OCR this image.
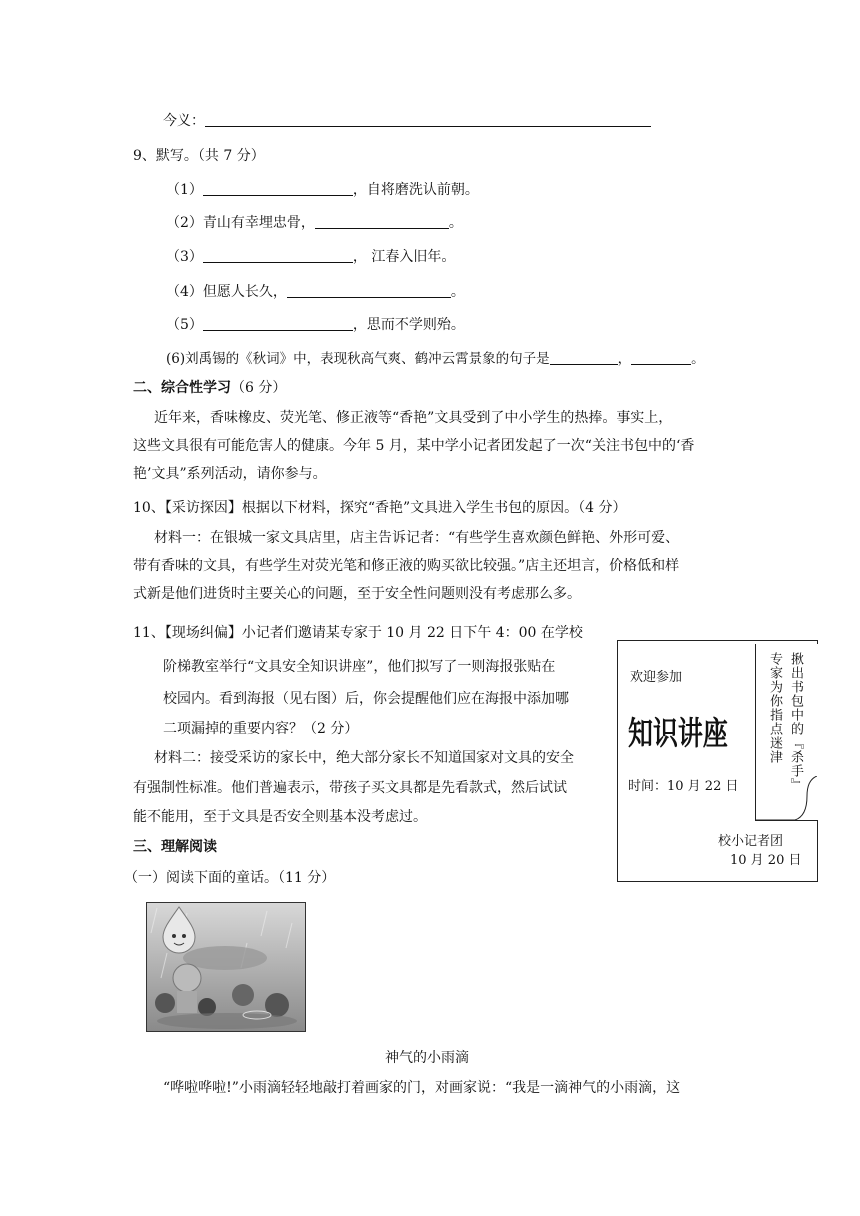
今义：
9、默写。（共 7 分）
（1）	，自将磨洗认前朝。
（2）青山有幸埋忠骨，	。
（3）	， 江春入旧年。
（4）但愿人长久，	。
（5）	，思而不学则殆。
(6)刘禹锡的《秋词》中，表现秋高气爽、鹤冲云霄景象的句子是	，	。
二、综合性学习（6 分）
近年来，香味橡皮、荧光笔、修正液等“香艳”文具受到了中小学生的热捧。事实上，
这些文具很有可能危害人的健康。今年 5 月，某中学小记者团发起了一次“关注书包中的‘香
艳’文具”系列活动，请你参与。
10、【采访探因】根据以下材料，探究“香艳”文具进入学生书包的原因。（4 分）
材料一：在银城一家文具店里，店主告诉记者：“有些学生喜欢颜色鲜艳、外形可爱、
带有香味的文具，有些学生对荧光笔和修正液的购买欲比较强。”店主还坦言，价格低和样
式新是他们进货时主要关心的问题，至于安全性问题则没有考虑那么多。
11、【现场纠偏】小记者们邀请某专家于 10 月 22 日下午 4：00 在学校
阶梯教室举行“文具安全知识讲座”，他们拟写了一则海报张贴在
校园内。看到海报（见右图）后，你会提醒他们应在海报中添加哪
二项漏掉的重要内容？（2 分）
材料二：接受采访的家长中，绝大部分家长不知道国家对文具的安全
有强制性标准。他们普遍表示，带孩子买文具都是先看款式，然后试试
能不能用，至于文具是否安全则基本没考虑过。
欢迎参加
知识讲座
时间：10 月 22 日	揪出书包中的『杀手』
专家为你指点迷津
校小记者团
10 月 20 日
三、理解阅读
（一）阅读下面的童话。（11 分）
神气的小雨滴
“哗啦哗啦!”小雨滴轻轻地敲打着画家的门，对画家说：“我是一滴神气的小雨滴，这
